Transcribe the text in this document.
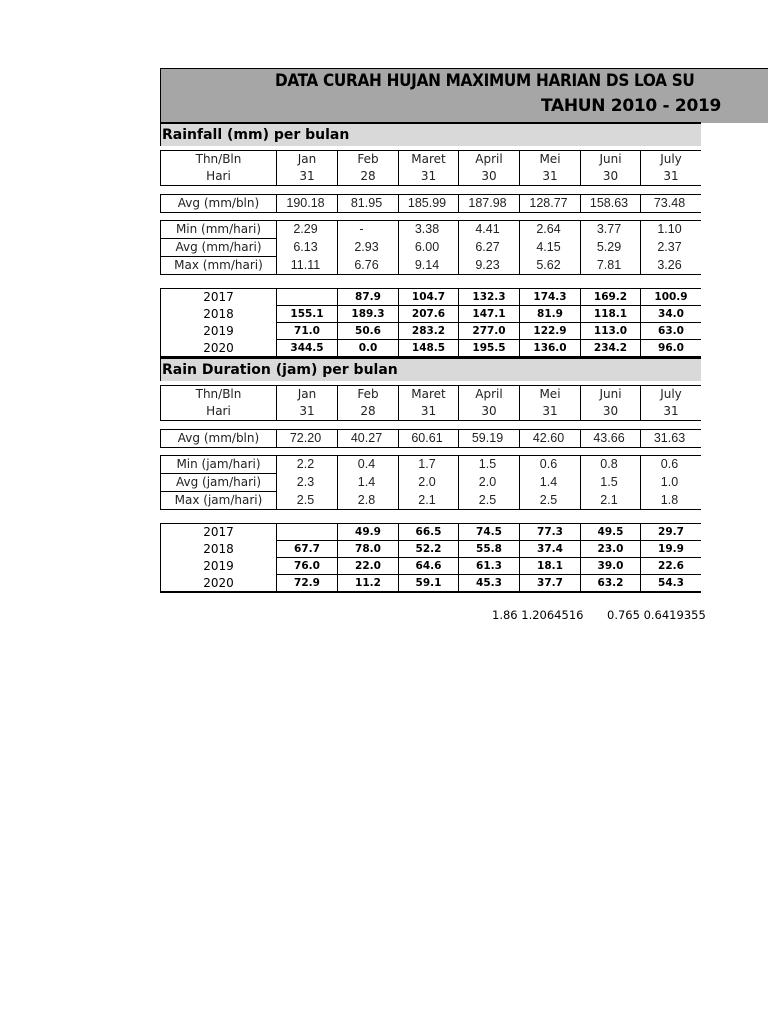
DATA CURAH HUJAN MAXIMUM HARIAN DS LOA SU
TAHUN 2010 - 2019
Rainfall (mm) per bulan
Thn/Bln	Jan	Feb	Maret	April	Mei	Juni	July
Hari	31	28	31	30	31	30	31
Avg (mm/bln)	190.18	81.95	185.99	187.98	128.77	158.63	73.48
Min (mm/hari)	2.29	-	3.38	4.41	2.64	3.77	1.10
Avg (mm/hari)	6.13	2.93	6.00	6.27	4.15	5.29	2.37
Max (mm/hari)	11.11	6.76	9.14	9.23	5.62	7.81	3.26
2017		87.9	104.7	132.3	174.3	169.2	100.9
2018	155.1	189.3	207.6	147.1	81.9	118.1	34.0
2019	71.0	50.6	283.2	277.0	122.9	113.0	63.0
2020	344.5	0.0	148.5	195.5	136.0	234.2	96.0
Rain Duration (jam) per bulan
Thn/Bln	Jan	Feb	Maret	April	Mei	Juni	July
Hari	31	28	31	30	31	30	31
Avg (mm/bln)	72.20	40.27	60.61	59.19	42.60	43.66	31.63
Min (jam/hari)	2.2	0.4	1.7	1.5	0.6	0.8	0.6
Avg (jam/hari)	2.3	1.4	2.0	2.0	1.4	1.5	1.0
Max (jam/hari)	2.5	2.8	2.1	2.5	2.5	2.1	1.8
2017		49.9	66.5	74.5	77.3	49.5	29.7
2018	67.7	78.0	52.2	55.8	37.4	23.0	19.9
2019	76.0	22.0	64.6	61.3	18.1	39.0	22.6
2020	72.9	11.2	59.1	45.3	37.7	63.2	54.3
1.86 1.2064516 0.765 0.6419355
